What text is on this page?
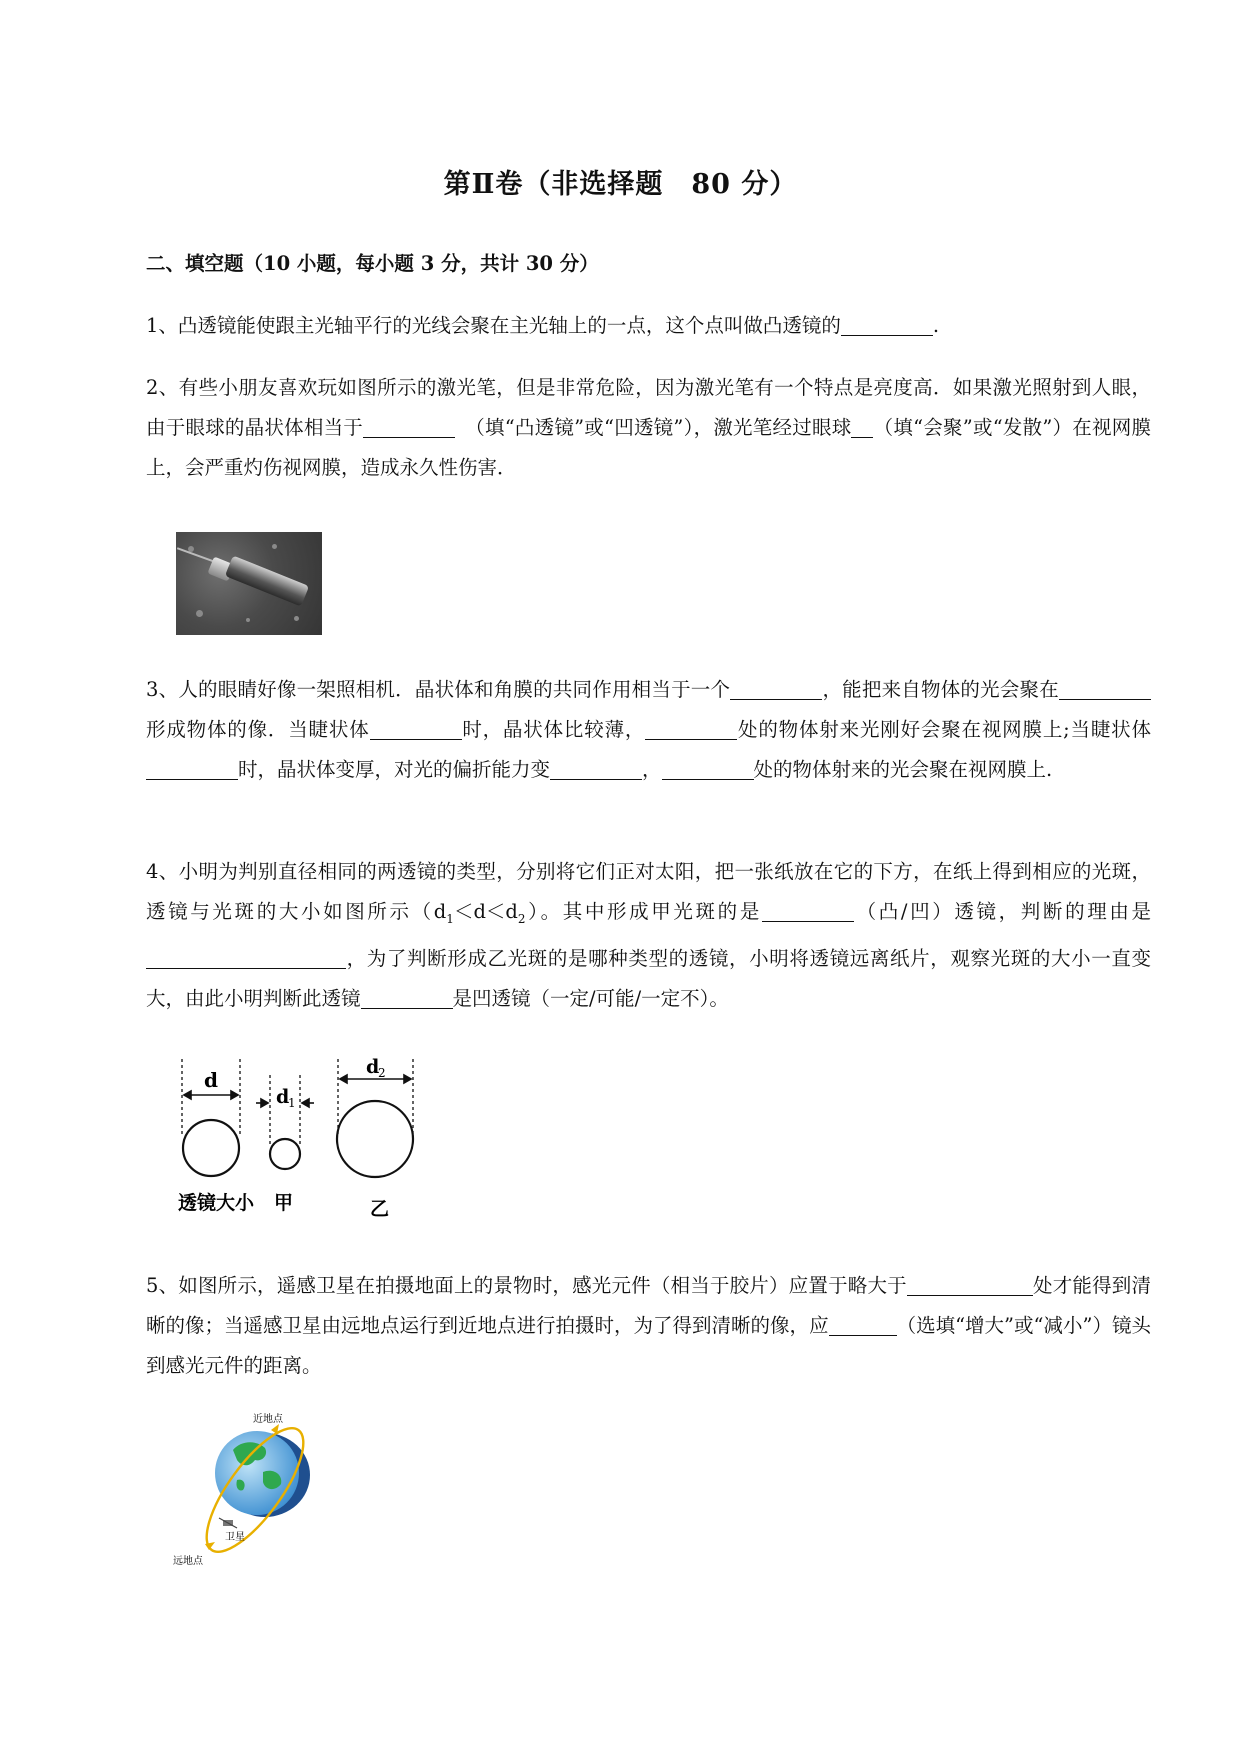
第Ⅱ卷（非选择题　80 分）
二、填空题（10 小题，每小题 3 分，共计 30 分）
1、凸透镜能使跟主光轴平行的光线会聚在主光轴上的一点，这个点叫做凸透镜的	.
2、有些小朋友喜欢玩如图所示的激光笔，但是非常危险，因为激光笔有一个特点是亮度高．如果激光照射到人眼，由于眼球的晶状体相当于　	（填“凸透镜”或“凹透镜”），激光笔经过眼球 （填“会聚”或“发散”）在视网膜上，会严重灼伤视网膜，造成永久性伤害．
3、人的眼睛好像一架照相机．晶状体和角膜的共同作用相当于一个	，能把来自物体的光会聚在形成物体的像．当睫状体	时，晶状体比较薄，	处的物体射来光刚好会聚在视网膜上;当睫状体时，晶状体变厚，对光的偏折能力变	，	处的物体射来的光会聚在视网膜上.
4、小明为判别直径相同的两透镜的类型，分别将它们正对太阳，把一张纸放在它的下方，在纸上得到相应的光斑，透镜与光斑的大小如图所示$(d_1<d<d_2)$。其中形成甲光斑的是	（凸/凹）透镜，判断的理由是，为了判断形成乙光斑的是哪种类型的透镜，小明将透镜远离纸片，观察光斑的大小一直变大，由此小明判断此透镜	是凹透镜（一定/可能/一定不）。
d
d
1
d
2
透镜大小 甲	乙
5、如图所示，遥感卫星在拍摄地面上的景物时，感光元件（相当于胶片）应置于略大于	处才能得到清晰的像；当遥感卫星由远地点运行到近地点进行拍摄时，为了得到清晰的像，应	（选填“增大”或“减小”）镜头到感光元件的距离。
近地点
卫星
远地点
